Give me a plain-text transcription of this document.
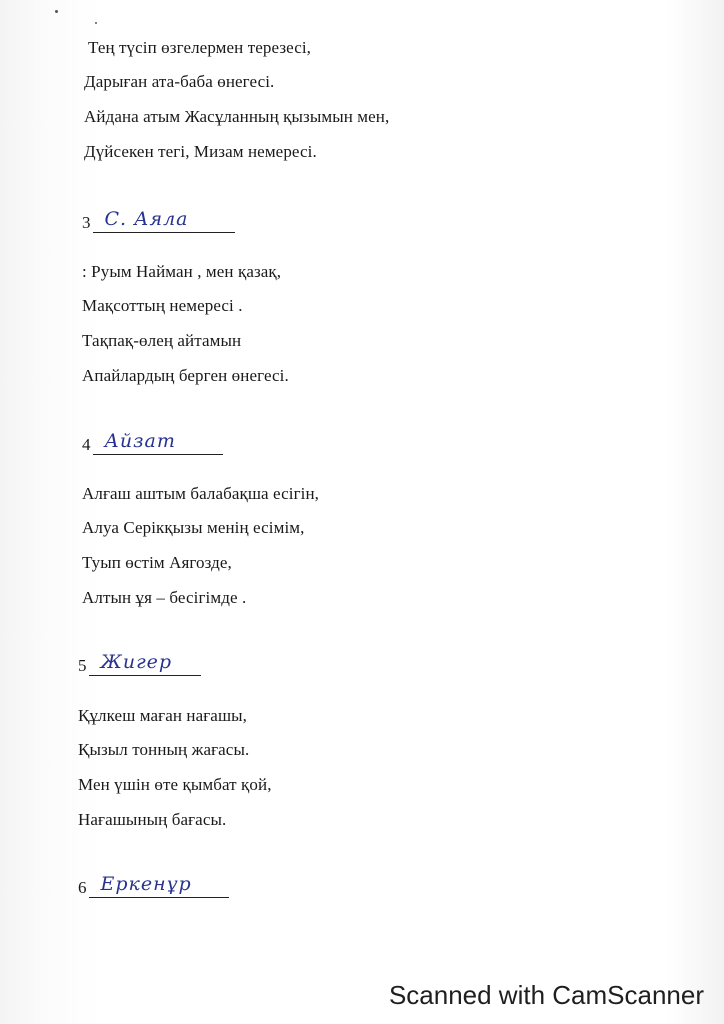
Тең түсіп өзгелермен терезесі,
Дарыған ата-баба өнегесі.
Айдана атым Жасұланның қызымын мен,
Дүйсекен тегі, Мизам немересі.
3 С. Аяла
: Руым Найман , мен қазақ,
Мақсоттың немересі .
Тақпақ-өлең айтамын
Апайлардың берген өнегесі.
4 Айзат
Алғаш аштым балабақша есігін,
Алуа Серікқызы менің есімім,
Туып өстім Аягозде,
Алтын ұя – бесігімде .
5 Жигер
Құлкеш маған нағашы,
Қызыл тонның жағасы.
Мен үшін өте қымбат қой,
Нағашының бағасы.
6 Еркенұр
Scanned with CamScanner
